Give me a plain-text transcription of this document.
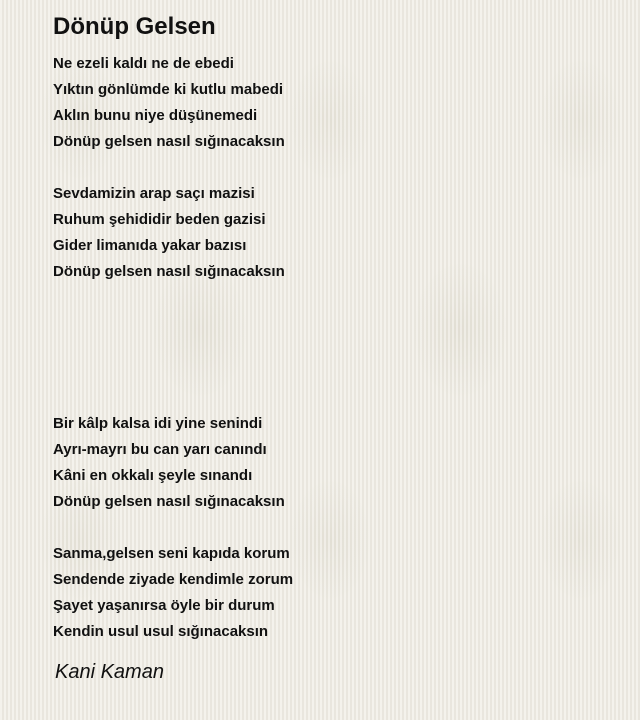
Dönüp Gelsen
Ne ezeli kaldı ne de ebedi
Yıktın gönlümde ki kutlu mabedi
Aklın bunu niye düşünemedi
Dönüp gelsen nasıl sığınacaksın
Sevdamizin arap saçı mazisi
Ruhum şehididir beden gazisi
Gider limanıda yakar bazısı
Dönüp gelsen nasıl sığınacaksın
Bir kâlp kalsa idi yine senindi
Ayrı-mayrı bu can yarı canındı
Kâni en okkalı şeyle sınandı
Dönüp gelsen nasıl sığınacaksın
Sanma,gelsen seni kapıda korum
Sendende ziyade kendimle zorum
Şayet yaşanırsa öyle bir durum
Kendin usul usul sığınacaksın

Kani Kaman
